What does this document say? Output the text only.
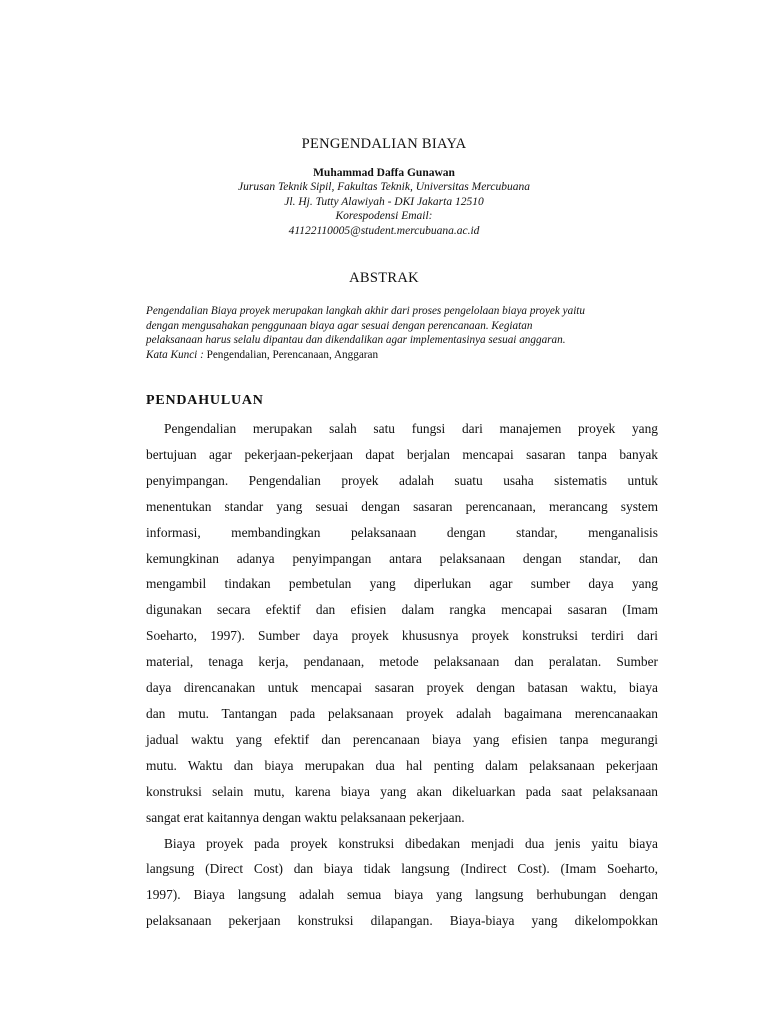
PENGENDALIAN BIAYA

Muhammad Daffa Gunawan

Jurusan Teknik Sipil, Fakultas Teknik, Universitas Mercubuana

Jl. Hj. Tutty Alawiyah - DKI Jakarta 12510

Korespodensi Email:

41122110005@student.mercubuana.ac.id

ABSTRAK

Pengendalian Biaya proyek merupakan langkah akhir dari proses pengelolaan biaya proyek yaitu

dengan mengusahakan penggunaan biaya agar sesuai dengan perencanaan. Kegiatan

pelaksanaan harus selalu dipantau dan dikendalikan agar implementasinya sesuai anggaran.

Kata Kunci : Pengendalian, Perencanaan, Anggaran

PENDAHULUAN

Pengendalian merupakan salah satu fungsi dari manajemen proyek yang

bertujuan agar pekerjaan-pekerjaan dapat berjalan mencapai sasaran tanpa banyak

penyimpangan. Pengendalian proyek adalah suatu usaha sistematis untuk

menentukan standar yang sesuai dengan sasaran perencanaan, merancang system

informasi, membandingkan pelaksanaan dengan standar, menganalisis

kemungkinan adanya penyimpangan antara pelaksanaan dengan standar, dan

mengambil tindakan pembetulan yang diperlukan agar sumber daya yang

digunakan secara efektif dan efisien dalam rangka mencapai sasaran (Imam

Soeharto, 1997). Sumber daya proyek khususnya proyek konstruksi terdiri dari

material, tenaga kerja, pendanaan, metode pelaksanaan dan peralatan. Sumber

daya direncanakan untuk mencapai sasaran proyek dengan batasan waktu, biaya

dan mutu. Tantangan pada pelaksanaan proyek adalah bagaimana merencanaakan

jadual waktu yang efektif dan perencanaan biaya yang efisien tanpa megurangi

mutu. Waktu dan biaya merupakan dua hal penting dalam pelaksanaan pekerjaan

konstruksi selain mutu, karena biaya yang akan dikeluarkan pada saat pelaksanaan

sangat erat kaitannya dengan waktu pelaksanaan pekerjaan.

Biaya proyek pada proyek konstruksi dibedakan menjadi dua jenis yaitu biaya

langsung (Direct Cost) dan biaya tidak langsung (Indirect Cost). (Imam Soeharto,

1997). Biaya langsung adalah semua biaya yang langsung berhubungan dengan

pelaksanaan pekerjaan konstruksi dilapangan. Biaya-biaya yang dikelompokkan
